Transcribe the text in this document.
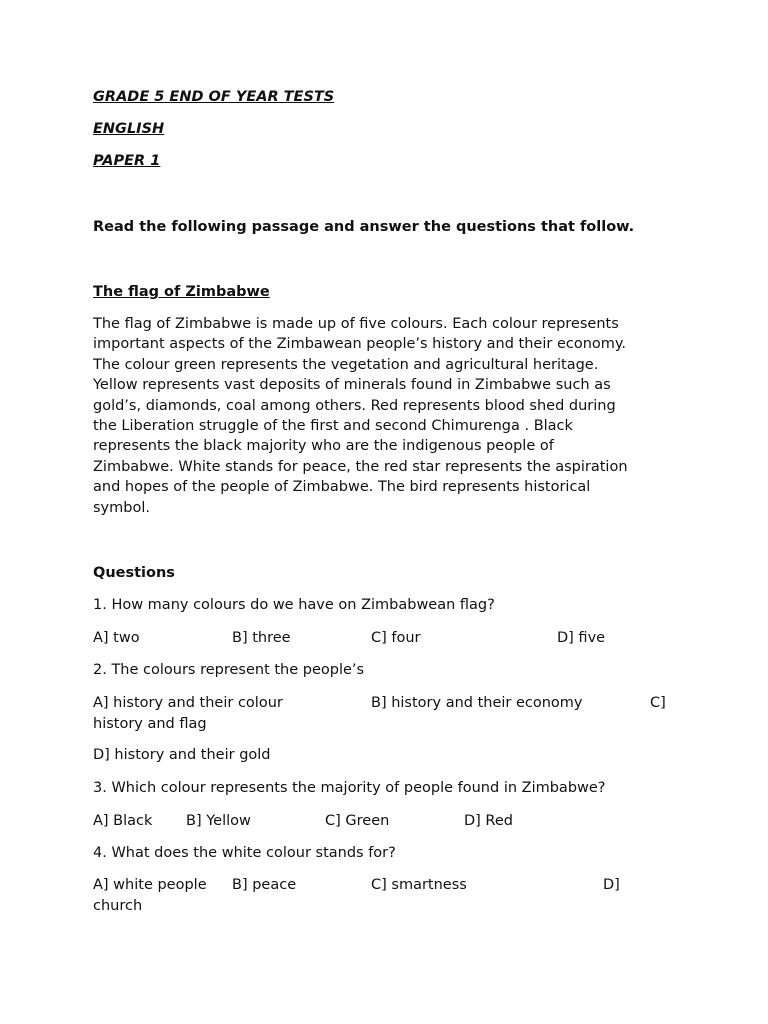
GRADE 5 END OF YEAR TESTS
ENGLISH
PAPER 1
Read the following passage and answer the questions that follow.
The flag of Zimbabwe

The flag of Zimbabwe is made up of five colours. Each colour represents
important aspects of the Zimbawean people’s history and their economy.
The colour green represents the vegetation and agricultural heritage.
Yellow represents vast deposits of minerals found in Zimbabwe such as
gold’s, diamonds, coal among others. Red represents blood shed during
the Liberation struggle of the first and second Chimurenga . Black
represents the black majority who are the indigenous people of
Zimbabwe. White stands for peace, the red star represents the aspiration
and hopes of the people of Zimbabwe. The bird represents historical
symbol.

Questions
1. How many colours do we have on Zimbabwean flag?
A] two	B] three	C] four	D] five
2. The colours represent the people’s
A] history and their colour	B] history and their economy	C]
history and flag
D] history and their gold
3. Which colour represents the majority of people found in Zimbabwe?
A] Black B] Yellow	C] Green	D] Red
4. What does the white colour stands for?
A] white people B] peace	C] smartness	D]
church
